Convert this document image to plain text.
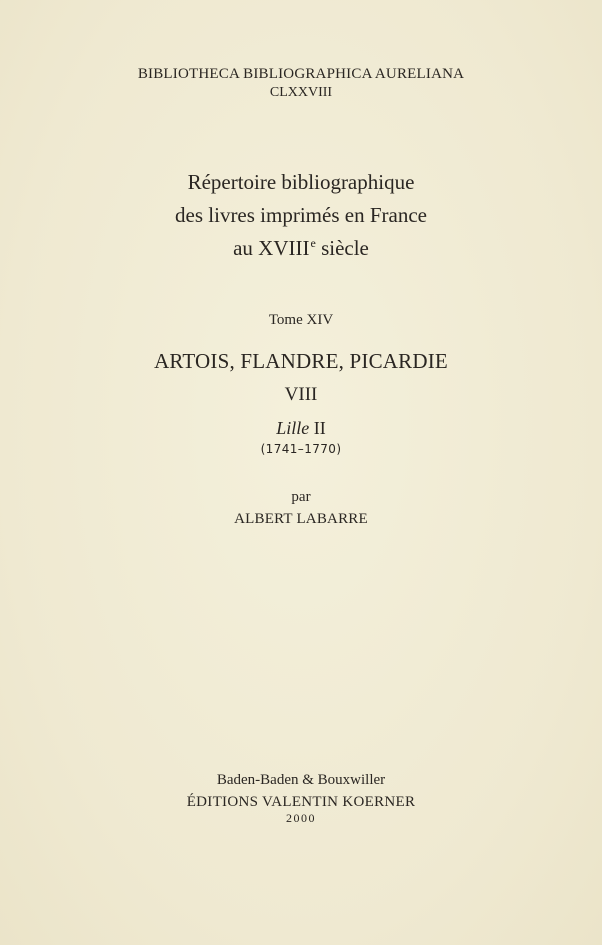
BIBLIOTHECA BIBLIOGRAPHICA AURELIANA
CLXXVIII
Répertoire bibliographique
des livres imprimés en France
au XVIIIe siècle
Tome XIV
ARTOIS, FLANDRE, PICARDIE
VIII
Lille II
(1741–1770)
par
ALBERT LABARRE
Baden-Baden & Bouxwiller
ÉDITIONS VALENTIN KOERNER
2000
